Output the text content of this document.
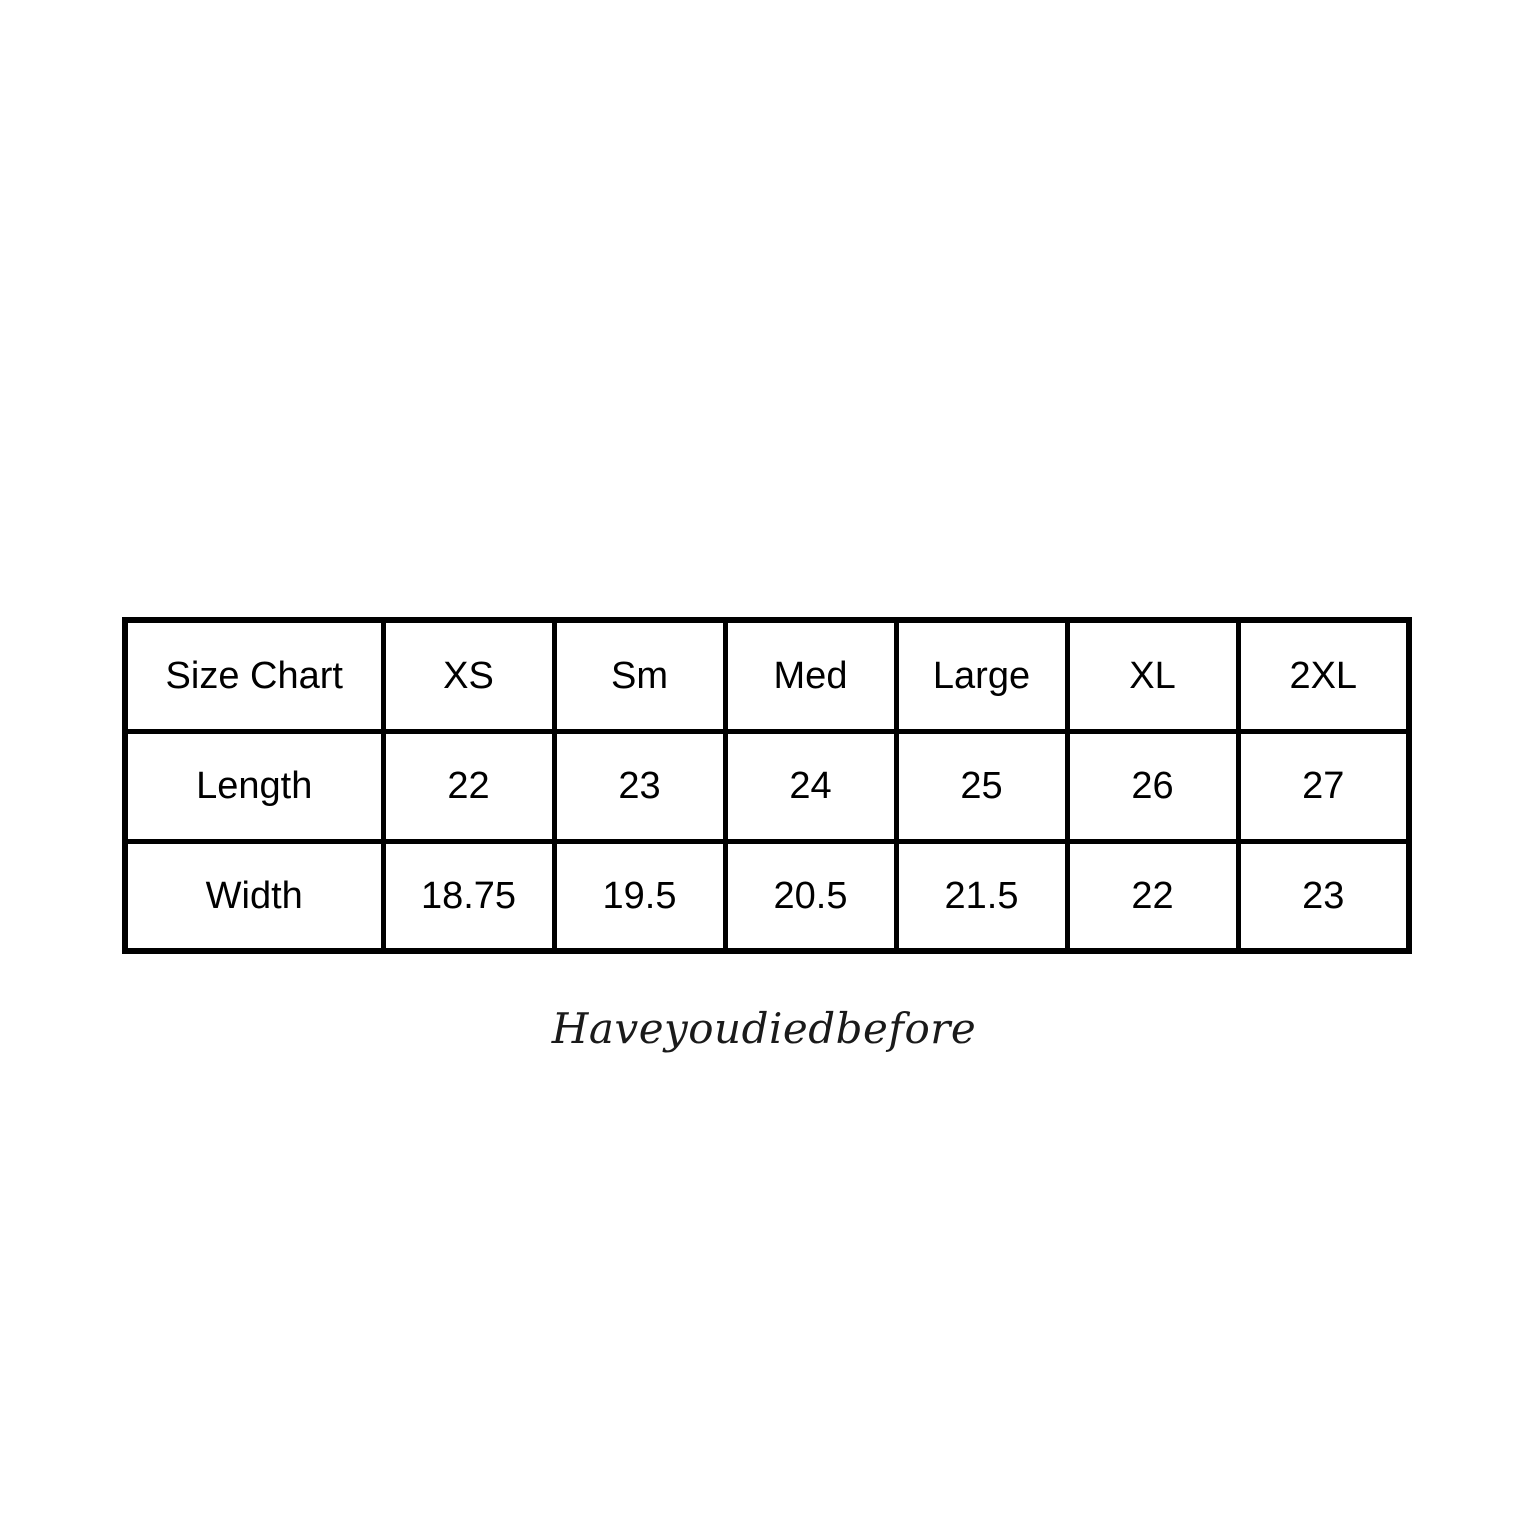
Size Chart	XS	Sm	Med	Large	XL	2XL
Length	22	23	24	25	26	27
Width	18.75	19.5	20.5	21.5	22	23
Haveyoudiedbefore
